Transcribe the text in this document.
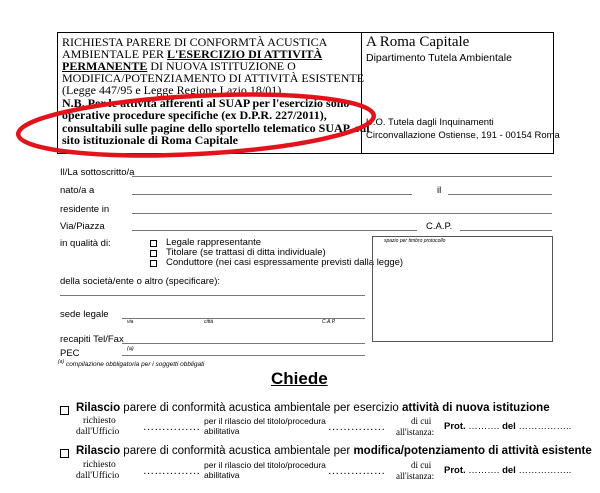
RICHIESTA PARERE DI CONFORMTÀ ACUSTICA
AMBIENTALE PER L'ESERCIZIO DI ATTIVITÀ
PERMANENTE DI NUOVA ISTITUZIONE O
MODIFICA/POTENZIAMENTO DI ATTIVITÀ ESISTENTE
(Legge 447/95 e Legge Regione Lazio 18/01)
N.B. Per le attività afferenti al SUAP per l'esercizio sono
operative procedure specifiche (ex D.P.R. 227/2011),
consultabili sulle pagine dello sportello telematico SUAP, sul
sito istituzionale di Roma Capitale
A Roma Capitale
Dipartimento Tutela Ambientale
U.O. Tutela dagli Inquinamenti
Circonvallazione Ostiense, 191 - 00154 Roma
Il/La sottoscritto/a
nato/a a	il
residente in
Via/Piazza	C.A.P.
in qualità di:	Legale rappresentante
Titolare (se trattasi di ditta individuale)
Conduttore (nei casi espressamente previsti dalla legge)
spazio per timbro protocollo
della società/ente o altro (specificare):
sede legale
via	città	C.A.P.
recapiti Tel/Fax
PEC	(a)
$^{(a)}$ compilazione obbligatoria per i soggetti obbligati
Chiede
Rilascio parere di conformità acustica ambientale per esercizio attività di nuova istituzione
richiesto
dall'Ufficio …………… per il rilascio del titolo/procedura
abilitativa	……………	di cui
all'istanza: Prot. ………. del ……………..
Rilascio parere di conformità acustica ambientale per modifica/potenziamento di attività esistente
richiesto
dall'Ufficio …………… per il rilascio del titolo/procedura
abilitativa	……………	di cui
all'istanza: Prot. ………. del ……………..
